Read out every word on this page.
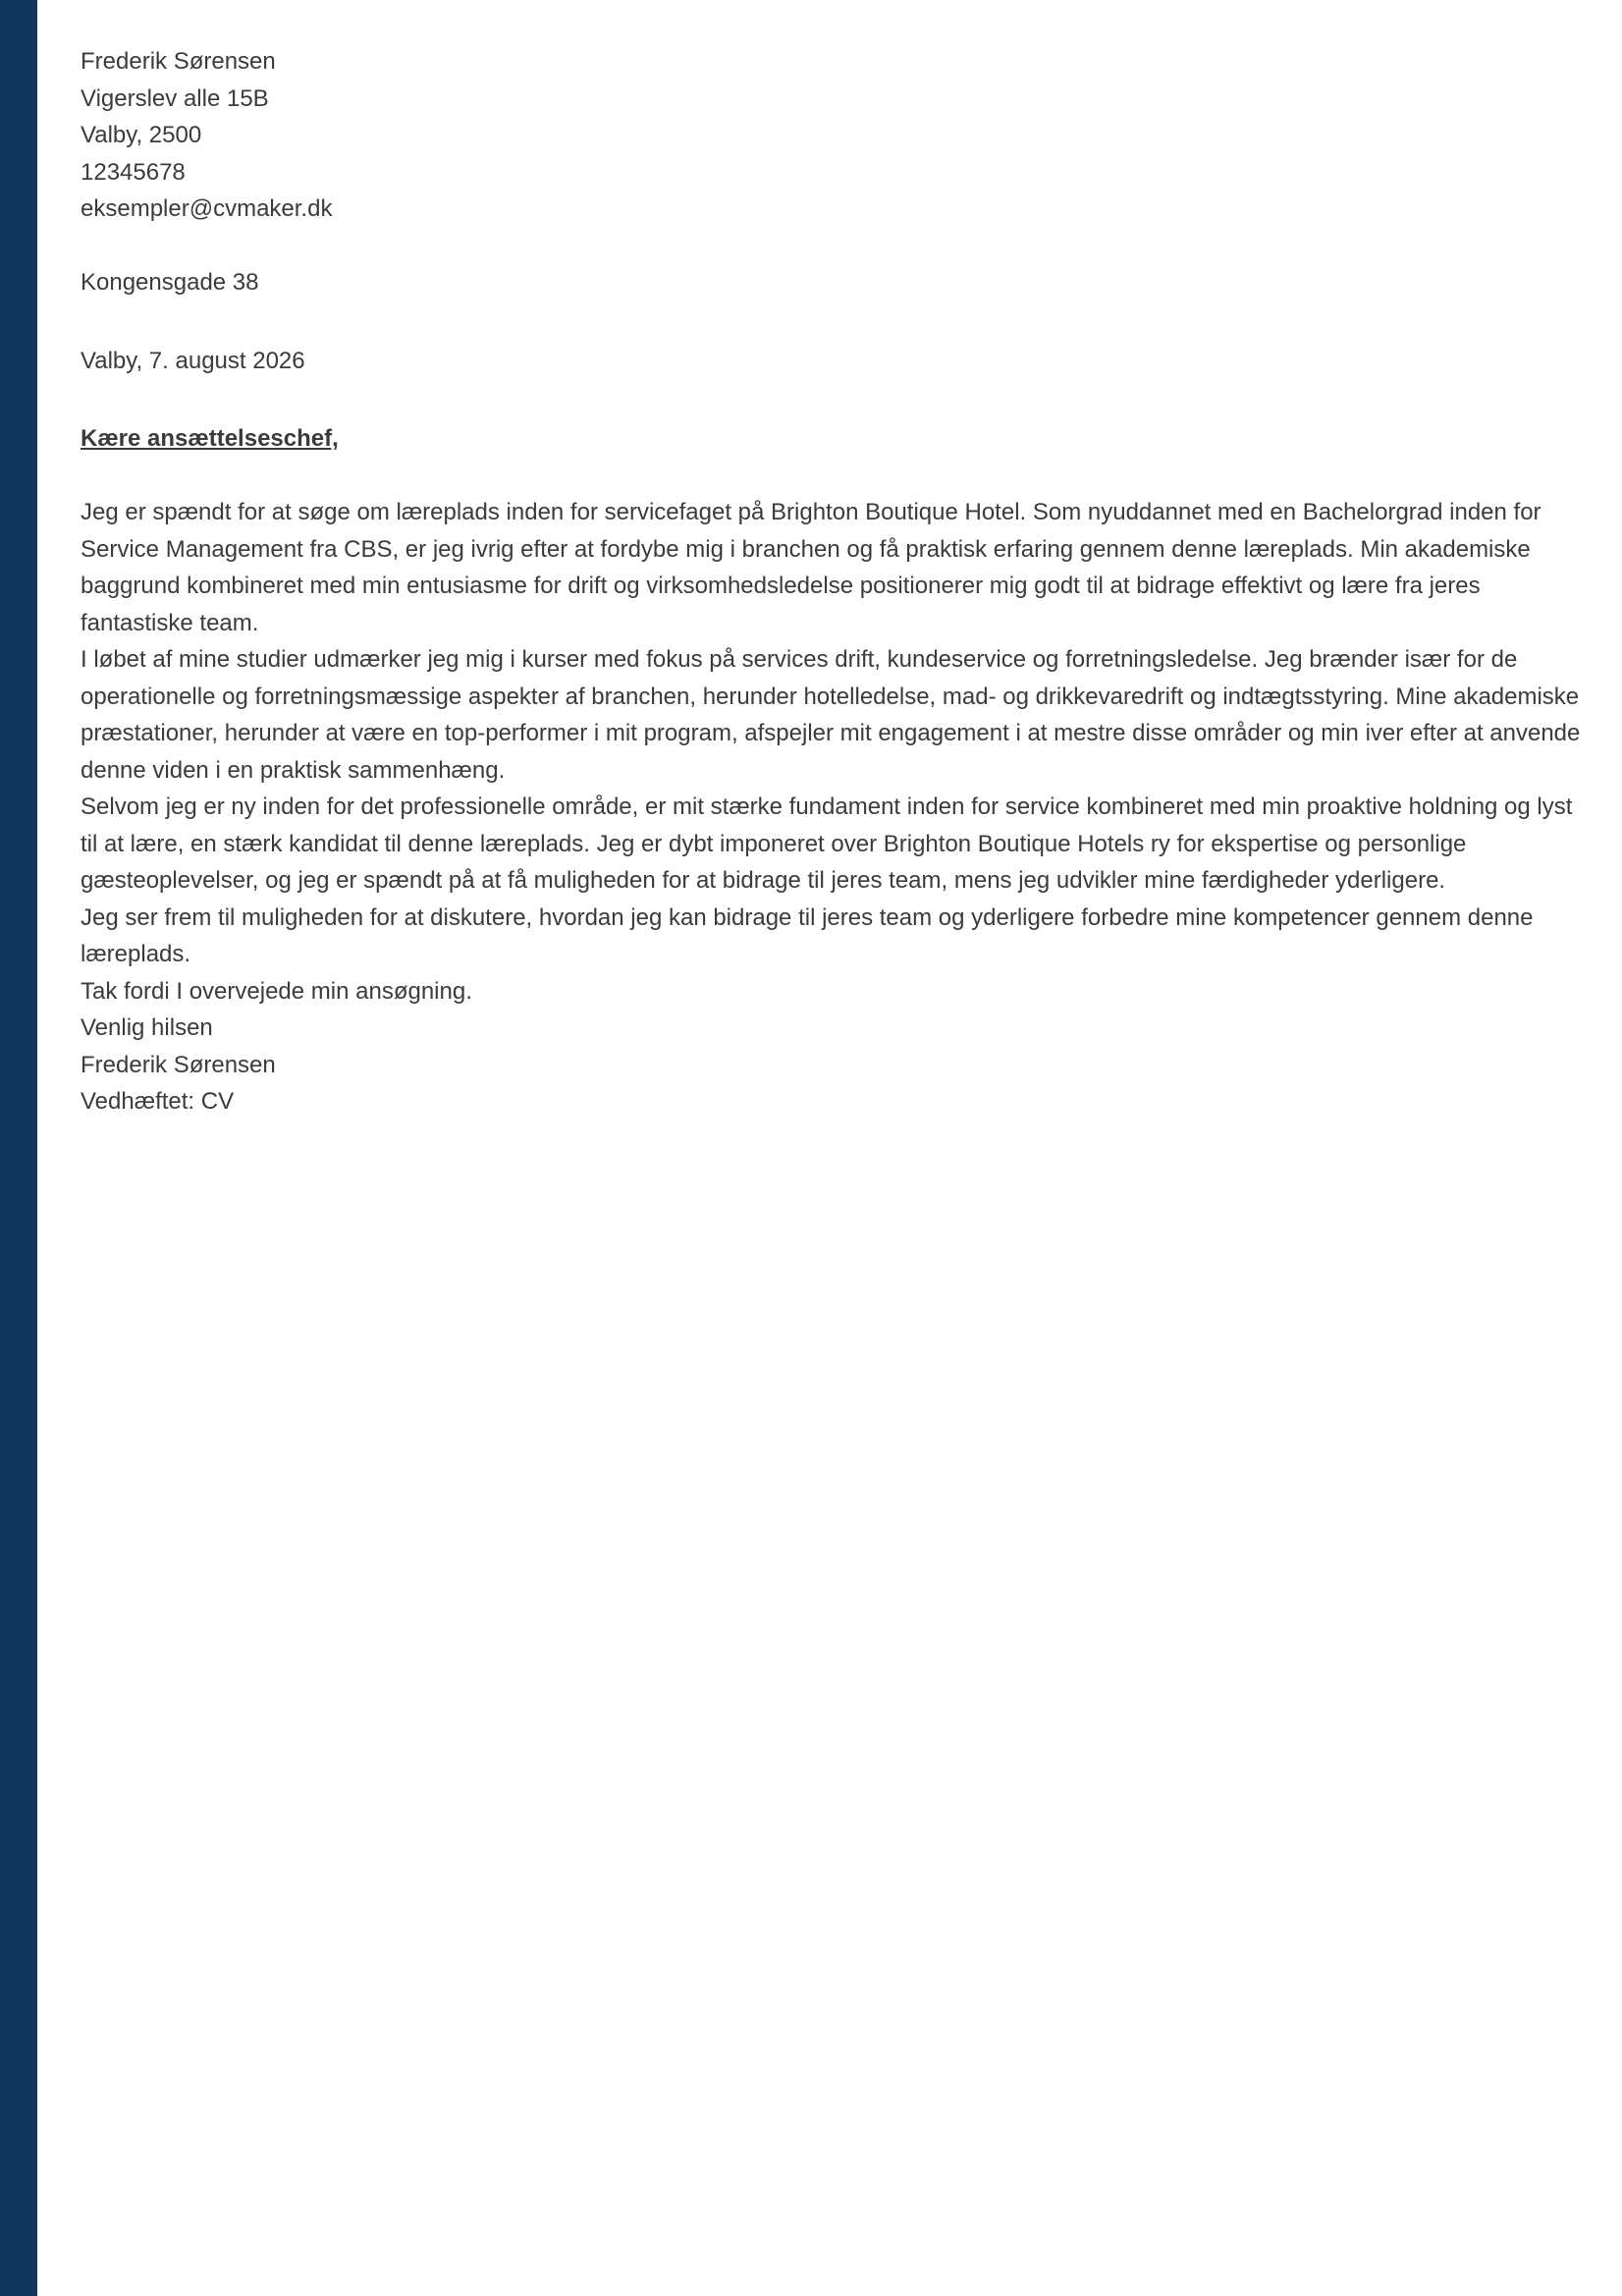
Frederik Sørensen

Vigerslev alle 15B

Valby, 2500

12345678

eksempler@cvmaker.dk

Kongensgade 38

Valby, 7. august 2026

Kære ansættelseschef,

Jeg er spændt for at søge om læreplads inden for servicefaget på Brighton Boutique Hotel. Som nyuddannet med en Bachelorgrad inden for Service Management fra CBS, er jeg ivrig efter at fordybe mig i branchen og få praktisk erfaring gennem denne læreplads. Min akademiske baggrund kombineret med min entusiasme for drift og virksomhedsledelse positionerer mig godt til at bidrage effektivt og lære fra jeres fantastiske team.

I løbet af mine studier udmærker jeg mig i kurser med fokus på services drift, kundeservice og forretningsledelse. Jeg brænder især for de operationelle og forretningsmæssige aspekter af branchen, herunder hotelledelse, mad- og drikkevaredrift og indtægtsstyring. Mine akademiske præstationer, herunder at være en top-performer i mit program, afspejler mit engagement i at mestre disse områder og min iver efter at anvende denne viden i en praktisk sammenhæng.

Selvom jeg er ny inden for det professionelle område, er mit stærke fundament inden for service kombineret med min proaktive holdning og lyst til at lære, en stærk kandidat til denne læreplads. Jeg er dybt imponeret over Brighton Boutique Hotels ry for ekspertise og personlige gæsteoplevelser, og jeg er spændt på at få muligheden for at bidrage til jeres team, mens jeg udvikler mine færdigheder yderligere.

Jeg ser frem til muligheden for at diskutere, hvordan jeg kan bidrage til jeres team og yderligere forbedre mine kompetencer gennem denne læreplads.

Tak fordi I overvejede min ansøgning.

Venlig hilsen

Frederik Sørensen

Vedhæftet: CV
